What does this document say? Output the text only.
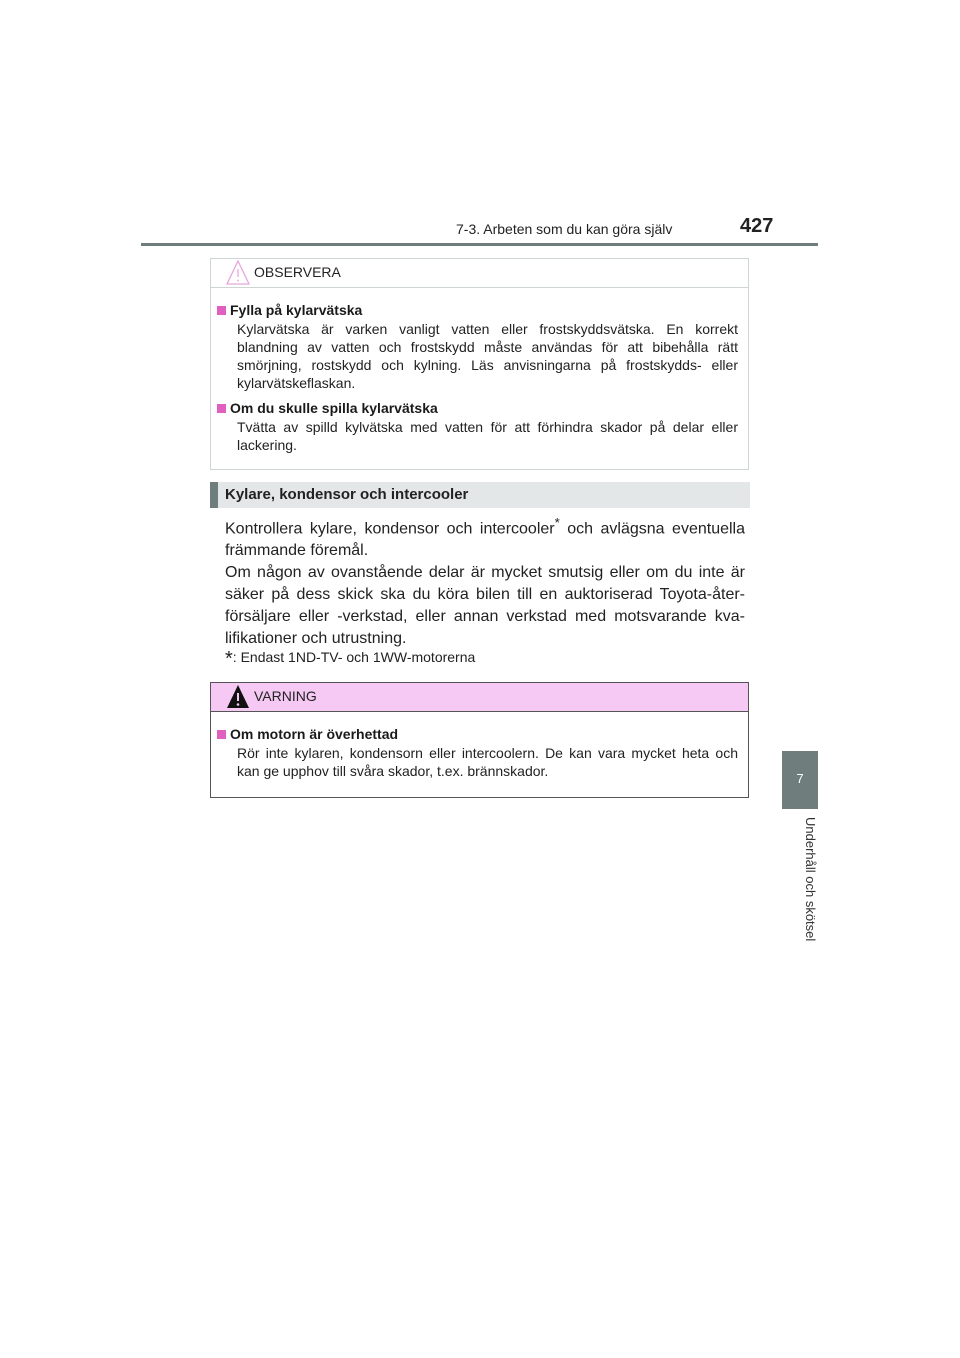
7-3. Arbeten som du kan göra själv	427
7
Underhåll och skötsel
OBSERVERA
Fylla på kylarvätska
Kylarvätska är varken vanligt vatten eller frostskyddsvätska. En korrekt blandning av vatten och frostskydd måste användas för att bibehålla rätt smörjning, rostskydd och kylning. Läs anvisningarna på frostskydds- eller kylarvätskeflaskan.
Om du skulle spilla kylarvätska
Tvätta av spilld kylvätska med vatten för att förhindra skador på delar eller lackering.
Kylare, kondensor och intercooler

Kontrollera kylare, kondensor och intercooler* och avlägsna eventuella främmande föremål.

Om någon av ovanstående delar är mycket smutsig eller om du inte är säker på dess skick ska du köra bilen till en auktoriserad Toyota-återförsäljare eller -verkstad, eller annan verkstad med motsvarande kvalifikationer och utrustning.

*: Endast 1ND-TV- och 1WW-motorerna
VARNING
Om motorn är överhettad
Rör inte kylaren, kondensorn eller intercoolern. De kan vara mycket heta och kan ge upphov till svåra skador, t.ex. brännskador.
